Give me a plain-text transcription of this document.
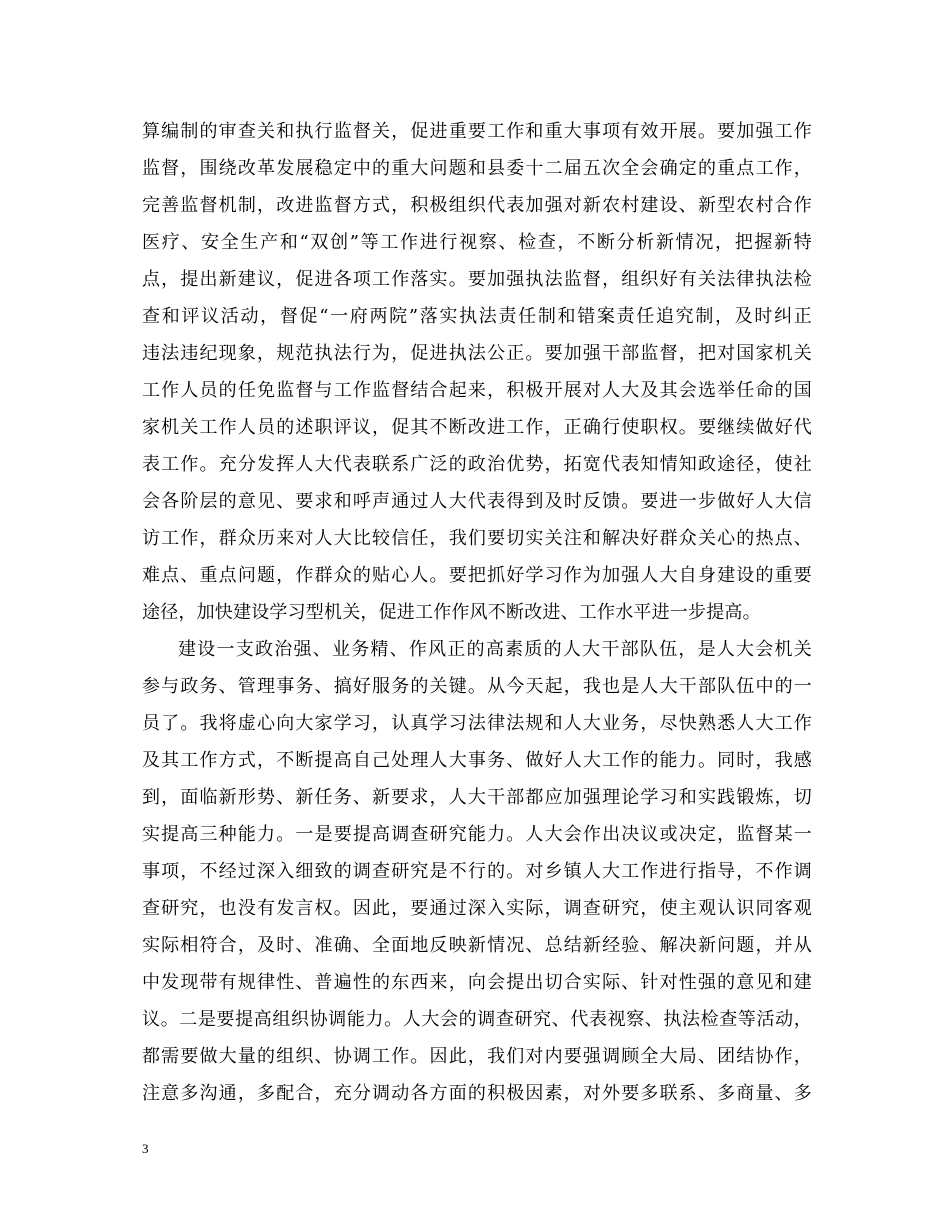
算编制的审查关和执行监督关，促进重要工作和重大事项有效开展。要加强工作
监督，围绕改革发展稳定中的重大问题和县委十二届五次全会确定的重点工作，
完善监督机制，改进监督方式，积极组织代表加强对新农村建设、新型农村合作
医疗、安全生产和“双创”等工作进行视察、检查，不断分析新情况，把握新特
点，提出新建议，促进各项工作落实。要加强执法监督，组织好有关法律执法检
查和评议活动，督促“一府两院”落实执法责任制和错案责任追究制，及时纠正
违法违纪现象，规范执法行为，促进执法公正。要加强干部监督，把对国家机关
工作人员的任免监督与工作监督结合起来，积极开展对人大及其会选举任命的国
家机关工作人员的述职评议，促其不断改进工作，正确行使职权。要继续做好代
表工作。充分发挥人大代表联系广泛的政治优势，拓宽代表知情知政途径，使社
会各阶层的意见、要求和呼声通过人大代表得到及时反馈。要进一步做好人大信
访工作，群众历来对人大比较信任，我们要切实关注和解决好群众关心的热点、
难点、重点问题，作群众的贴心人。要把抓好学习作为加强人大自身建设的重要
途径，加快建设学习型机关，促进工作作风不断改进、工作水平进一步提高。
建设一支政治强、业务精、作风正的高素质的人大干部队伍，是人大会机关
参与政务、管理事务、搞好服务的关键。从今天起，我也是人大干部队伍中的一
员了。我将虚心向大家学习，认真学习法律法规和人大业务，尽快熟悉人大工作
及其工作方式，不断提高自己处理人大事务、做好人大工作的能力。同时，我感
到，面临新形势、新任务、新要求，人大干部都应加强理论学习和实践锻炼，切
实提高三种能力。一是要提高调查研究能力。人大会作出决议或决定，监督某一
事项，不经过深入细致的调查研究是不行的。对乡镇人大工作进行指导，不作调
查研究，也没有发言权。因此，要通过深入实际，调查研究，使主观认识同客观
实际相符合，及时、准确、全面地反映新情况、总结新经验、解决新问题，并从
中发现带有规律性、普遍性的东西来，向会提出切合实际、针对性强的意见和建
议。二是要提高组织协调能力。人大会的调查研究、代表视察、执法检查等活动，
都需要做大量的组织、协调工作。因此，我们对内要强调顾全大局、团结协作，
注意多沟通，多配合，充分调动各方面的积极因素，对外要多联系、多商量、多
3
